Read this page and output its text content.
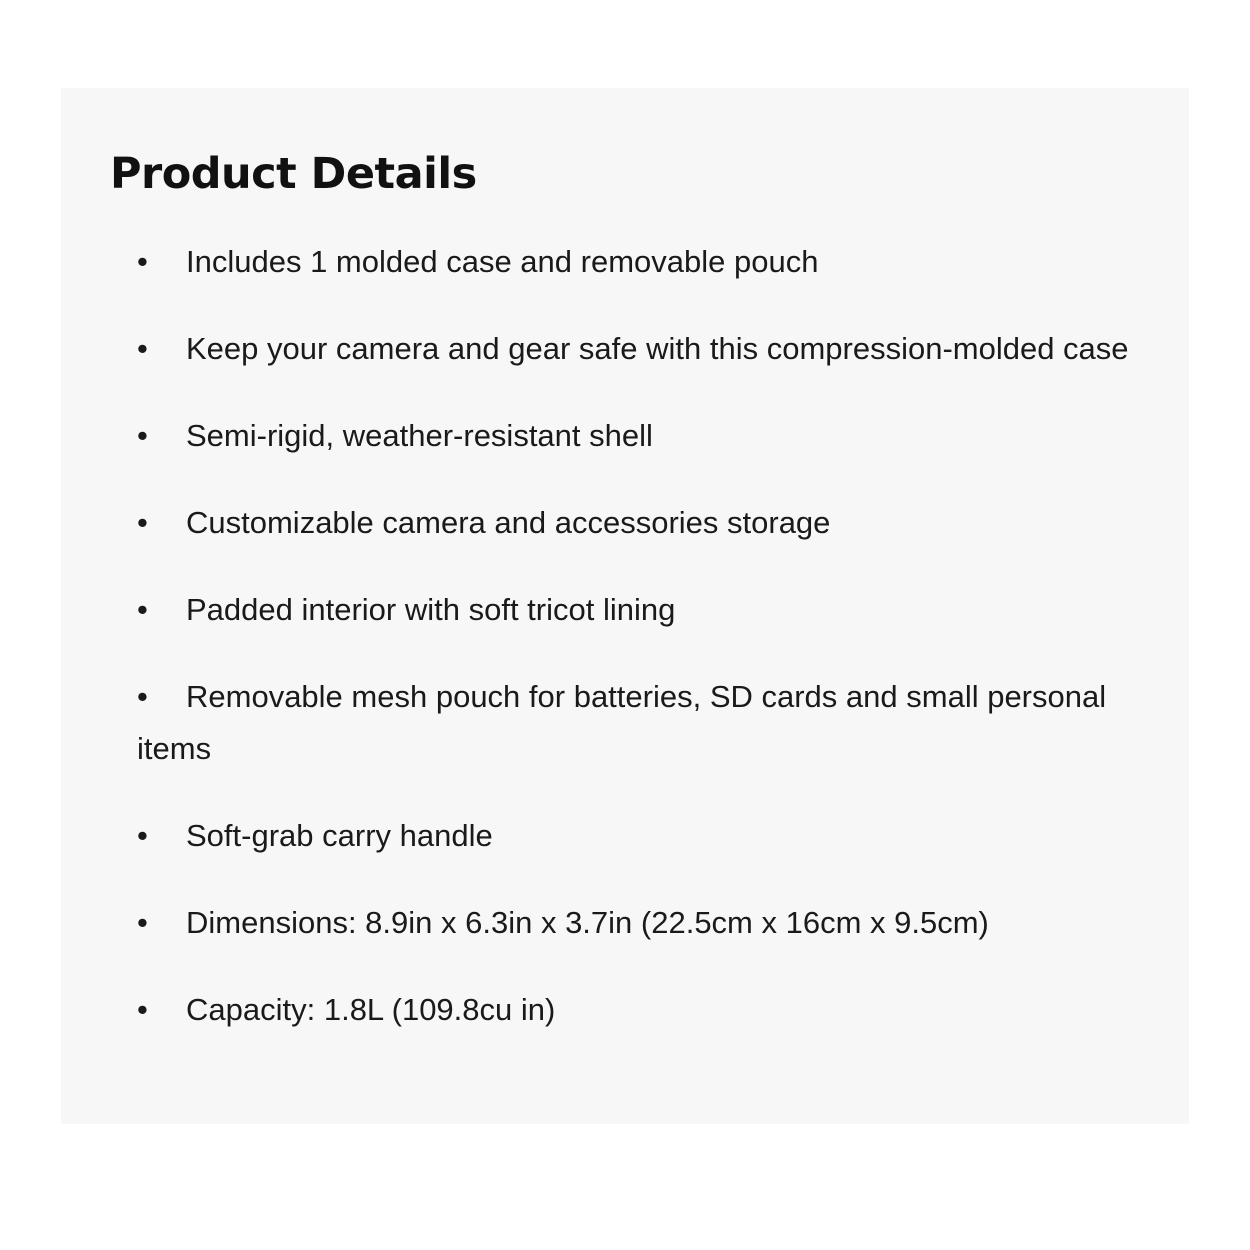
Product Details
• Includes 1 molded case and removable pouch
• Keep your camera and gear safe with this compression-molded case
• Semi-rigid, weather-resistant shell
• Customizable camera and accessories storage
• Padded interior with soft tricot lining
• Removable mesh pouch for batteries, SD cards and small personal items
• Soft-grab carry handle
• Dimensions: 8.9in x 6.3in x 3.7in (22.5cm x 16cm x 9.5cm)
• Capacity: 1.8L (109.8cu in)
